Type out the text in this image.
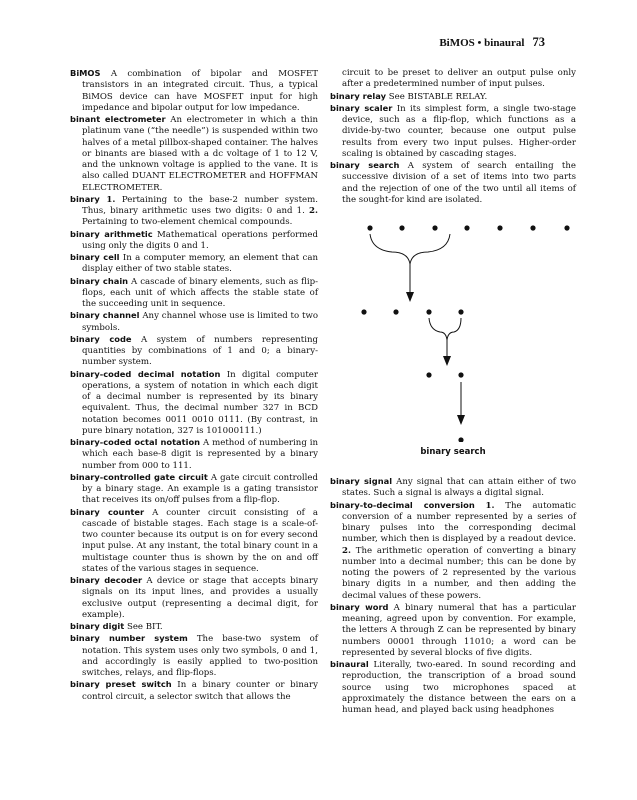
BiMOS • binaural 73
BiMOS A combination of bipolar and MOSFET transistors in an integrated circuit. Thus, a typical BiMOS device can have MOSFET input for high impedance and bipolar output for low impedance.
binant electrometer An electrometer in which a thin platinum vane (“the needle”) is suspended within two halves of a metal pillbox-shaped container. The halves or binants are biased with a dc voltage of 1 to 12 V, and the unknown voltage is applied to the vane. It is also called DUANT ELECTROMETER and HOFFMAN ELECTROMETER.
binary 1. Pertaining to the base-2 number system. Thus, binary arithmetic uses two digits: 0 and 1. 2. Pertaining to two-element chemical compounds.
binary arithmetic Mathematical operations performed using only the digits 0 and 1.
binary cell In a computer memory, an element that can display either of two stable states.
binary chain A cascade of binary elements, such as flip-flops, each unit of which affects the stable state of the succeeding unit in sequence.
binary channel Any channel whose use is limited to two symbols.
binary code A system of numbers representing quantities by combinations of 1 and 0; a binary-number system.
binary-coded decimal notation In digital computer operations, a system of notation in which each digit of a decimal number is represented by its binary equivalent. Thus, the decimal number 327 in BCD notation becomes 0011 0010 0111. (By contrast, in pure binary notation, 327 is 101000111.)
binary-coded octal notation A method of numbering in which each base-8 digit is represented by a binary number from 000 to 111.
binary-controlled gate circuit A gate circuit controlled by a binary stage. An example is a gating transistor that receives its on/off pulses from a flip-flop.
binary counter A counter circuit consisting of a cascade of bistable stages. Each stage is a scale-of-two counter because its output is on for every second input pulse. At any instant, the total binary count in a multistage counter thus is shown by the on and off states of the various stages in sequence.
binary decoder A device or stage that accepts binary signals on its input lines, and provides a usually exclusive output (representing a decimal digit, for example).
binary digit See BIT.
binary number system The base-two system of notation. This system uses only two symbols, 0 and 1, and accordingly is easily applied to two-position switches, relays, and flip-flops.
binary preset switch In a binary counter or binary control circuit, a selector switch that allows the
circuit to be preset to deliver an output pulse only after a predetermined number of input pulses.
binary relay See BISTABLE RELAY.
binary scaler In its simplest form, a single two-stage device, such as a flip-flop, which functions as a divide-by-two counter, because one output pulse results from every two input pulses. Higher-order scaling is obtained by cascading stages.
binary search A system of search entailing the successive division of a set of items into two parts and the rejection of one of the two until all items of the sought-for kind are isolated.
binary search
binary signal Any signal that can attain either of two states. Such a signal is always a digital signal.
binary-to-decimal conversion 1. The automatic conversion of a number represented by a series of binary pulses into the corresponding decimal number, which then is displayed by a readout device. 2. The arithmetic operation of converting a binary number into a decimal number; this can be done by noting the powers of 2 represented by the various binary digits in a number, and then adding the decimal values of these powers.
binary word A binary numeral that has a particular meaning, agreed upon by convention. For example, the letters A through Z can be represented by binary numbers 00001 through 11010; a word can be represented by several blocks of five digits.
binaural Literally, two-eared. In sound recording and reproduction, the transcription of a broad sound source using two microphones spaced at approximately the distance between the ears on a human head, and played back using headphones
